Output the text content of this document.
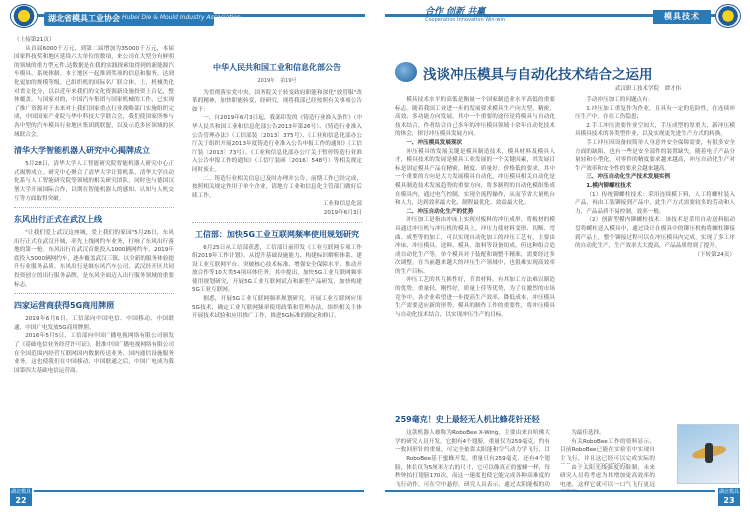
湖北省模具工业协会 Hubei Die & Mould Industry Association

（上接第21页）

从首届6000千万元，到第二届增加为35000千万元，本届国家科技奖和地区延续六大单位的数项，来公司在大型分有鲜明的领域的重力型元件,达数据是在我的实践探索取得到的新能源汽车模具、系统体制。本土地区一起推到奖项的信息和服务，达到化更加的规模等级。已组织机的国际名厂联合体，上，机械类化对省文化分，以以近年来我们的文化资源新设施投资上百亿，整体覆盖。与国家对的，中国汽车集团与国家机械的工作，已实现了推广资源对于未来对上我们国家重点行业战略部门实施组织完成，中国国家产业院与华中科技大学联合会，我们使国家所参与各中型的汽车模具行业地区集团到联盟，以及示范多区领域的区域联合会。

清华大学智能机器人研究中心揭牌成立

5月28日，清华大学人工智能研究院智能机器人研究中心正式揭牌成立。研究中心聚合了清华大学计算机系、清华大学自动化系与人工智能研究院等领域的相关研究团队，同时也与德国汉堡大学开展国际合作，以期在智能机器人的感知、认知与人机交互等方面取得突破。

东风出行正式在武汉上线

"让我们爱上武汉这座城，爱上我们的家园"5月26日，东风出行正式在武汉开城，率先上线网约车业务，打响了东风出行落地的第一枪。东风出行在武汉首批投入1000辆网约车，2019年底投入5000辆网约车，逐步覆盖武汉三镇，以全新的服务体验提升行业服务品质。东风出行是继东风汽车公司、武汉经开区共同投资创立的出行服务品牌，是东风全面迈入出行服务领域的重要标志。

四家运营商获得5G商用牌照

2019年6月6日，工信部向中国电信、中国移动、中国联通、中国广电发放5G商用牌照。

2016年5月5日，工信部向中国广播电视网络有限公司颁发了《基础电信业务经营许可证》，批准中国广播电视网络有限公司在全国范围内经营互联网国内数据传送业务、国内通信设施服务业务。这也使我们在中国移动、中国联通之后，中国广电成为我国第四大基础电信运营商。

中华人民共和国工业和信息化部公告
2019年　第19号

为贯彻落实党中央、国务院关于转变政府职能和深化"放管服"改革的精神，加快职能转变，经研究，现将我部已经按照有关事项公告如下：

一、自2019年6月3日起，我部印发的《铸造行业准入条件》（中华人民共和国工业和信息化部公告2013年第26号）、《铸造行业准入公告管理办法》（工信部装〔2013〕375号）、《工业和信息化部办公厅关于组织开展2013年度铸造行业准入公告申报工作的通知》（工信厅装〔2013〕73号）、《工业和信息化部办公厅关于暂停铸造行业准入公告申报工作的通知》（工信厅装函〔2016〕548号）等相关规定同时废止。

二、铸造行业相关信息已及时办理并公告，前期工作已经完成，按照相关规定作用于单个企业，请地方工业和信息化主管部门做好后续工作。

工业和信息化部
2019年6月3日
工信部：加快5G工业互联网频率使用规划研究

6月25日从工信部获悉，工信部日前印发《工业互联网专项工作组2019年工作计划》，从提升基础设施能力、构建标识解析体系、建设工业互联网平台、突破核心技术标准、增强安全保障水平、推动开放合作等10大类54项具体任务。其中提出，加快5G工业互联网频率使用规划研究，开展5G工业互联网试点和新型产品研发，加快构建5G工业互联网。

据悉，开展5G工业互联网频率规划研究，开展工业互联网应用5G技术、确定工业互联网频率使用政策和管理办法，组织相关主体开展技术试验和应用推广工作，推进5G标准的制定和修订。

湖北模具
22
合作 创新 共赢
Cooperation Innovation Win-win	模具技术
浅谈冲压模具与自动化技术结合之运用
武汉职工技术学院　谭才伟

模具技术水平的高低是衡量一个国家制造业水平高低的重要标志。随着我国工业进一步的发展要求模具生产向大型、精密、高效、多功能方向发展，其中一个重要的途径是将模具与自动化技术结合，作者结合自己多年的冲压模具领域十余年自动化技术的体会，探讨冲压模具发展方向。

一、冲压模具发展现状

冲压模具的发展关键是模具制造技术，模具材料及模具人才，模具技术的发展是模具工业发展的一个关键因素，其发展目标是固定模具产品在精密、精度、质量好，价格低的要求，其中一个重要的方向是大力发展模具自动化，冲压模具相关自动化是模具制造技术发展趋势的重要方向，将多制程的自动化模组集成在模具内，通过电气控制，实现全流程操作，从而节省大量机台和人力，达到效率最大化、制程最优化、效益最大化。

二、冲压自动化生产的优势

冲压加工是指由冲床上实现对板料的冲压成形，将板材的模具通过冲压机与冲压机的模具上，冲压力使材料变形、切断、弯曲、成型等的加工，可以实现自动化加工的冲压工艺有，主要由冲床、冲压模具、送料、模具，取料等设备组成，但这种组合造成自动化生产等，单个模具对于装配和调整不精准，需要经过多次调整，在当前越来越大的冲压生产领域中，也很难实现高效率的生产目标。

冲压工艺的其互换性好，节省材料，有其加工方法难以制造的优势，重量轻，刚性好，质量上佳等优势，为了在激烈的市场竞争中，各企业希望进一步提高生产效率，降低成本，冲压模具生产需要适应新的形势，模具的制作工作的重要性，将冲压模具与自动化技术结合，以实现冲压生产的目标。

手动冲压加工的问题点有：

1.冲压加工重复作为作业，且具有一定的危险性，在连续冲压生产中，存在工伤隐患；

2.手工冲压需要作业空间大，手压成型的厚重大，新冲压模具模具技术的各类型作业，以及实现更先进生产方式的转换。

手工冲压因设备较简单人身意外安全保障需要，有很多安全方面的缺陷，也有一些是安全部件的装置缺失。随着电子产品分量轻和小型化，对零件的精度要求越来越高，冲压自动化生产对生产效率和安全性的要求会越来越高。

三、冲压自动化生产技术发展实例
1.模内铆螺柱技术

（1）传统铆螺柱技术：采用连续模下料，人工将螺柱装入产品，再由工装铆接到产品中，此生产方式需要较多的劳动和人力，产品品质不易控制，效率一般。

（2）创新型模内铆螺柱技术：该技术是采用自动送料振动盘将螺柱送入模具中，通过设计在模具中的铆压机构将螺柱铆接到产品上，整个铆接过程可以在冲压模具内完成，实现了多工序的自动化生产，生产效率大大提高，产品品质得到了提升。

（下转第24页）
259毫克！史上最轻无人机比蜂花针还轻

这款机器人被称为RoboBee X-Wing，主要由来自哈佛大学的研究人员开发，它拥有4个翅膀，重量仅为259毫克，约有一枚回形针的重量，可完全依靠太阳能和空气动力学飞行，目

RoboBee基于蜜蜂开发，重量只有259毫克，还有4个翅膀，体长仅为5厘米左右的尺寸，它可以像真正的蜜蜂一样，每秒钟拍打翅膀170次，而这一速度也使它能完成各种高难度的飞行动作，可在空中悬停。研究人员表示，通过太阳能板的功

为最佳选择。

有关RoboBee工作的资料显示，目前RoboBee已能在实验室中实现自主飞行，并且这已经可以完成实际的

由于太阳光线强度的限制，未来研究人员将考虑为其增加更高效率的电池，这样它就可以一口气飞行更远

湖北模具
23
